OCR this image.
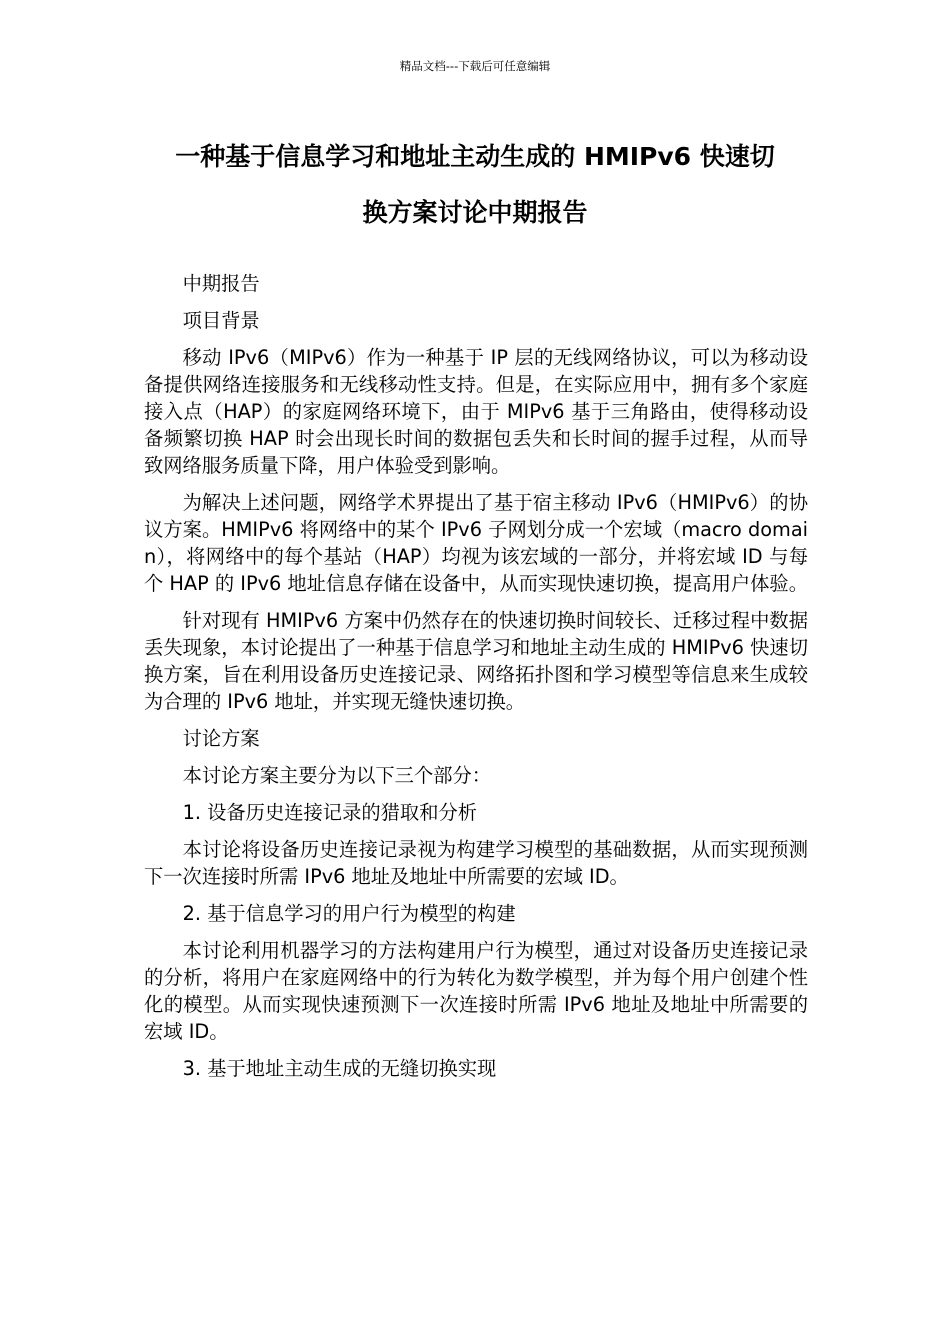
精品文档---下载后可任意编辑
一种基于信息学习和地址主动生成的 HMIPv6 快速切
换方案讨论中期报告

中期报告

项目背景

移动 IPv6（MIPv6）作为一种基于 IP 层的无线网络协议，可以为移动设备提供网络连接服务和无线移动性支持。但是，在实际应用中，拥有多个家庭接入点（HAP）的家庭网络环境下，由于 MIPv6 基于三角路由，使得移动设备频繁切换 HAP 时会出现长时间的数据包丢失和长时间的握手过程，从而导致网络服务质量下降，用户体验受到影响。

为解决上述问题，网络学术界提出了基于宿主移动 IPv6（HMIPv6）的协议方案。HMIPv6 将网络中的某个 IPv6 子网划分成一个宏域（macro domain），将网络中的每个基站（HAP）均视为该宏域的一部分，并将宏域 ID 与每个 HAP 的 IPv6 地址信息存储在设备中，从而实现快速切换，提高用户体验。

针对现有 HMIPv6 方案中仍然存在的快速切换时间较长、迁移过程中数据丢失现象，本讨论提出了一种基于信息学习和地址主动生成的 HMIPv6 快速切换方案，旨在利用设备历史连接记录、网络拓扑图和学习模型等信息来生成较为合理的 IPv6 地址，并实现无缝快速切换。

讨论方案

本讨论方案主要分为以下三个部分：

1. 设备历史连接记录的猎取和分析

本讨论将设备历史连接记录视为构建学习模型的基础数据，从而实现预测下一次连接时所需 IPv6 地址及地址中所需要的宏域 ID。

2. 基于信息学习的用户行为模型的构建

本讨论利用机器学习的方法构建用户行为模型，通过对设备历史连接记录的分析，将用户在家庭网络中的行为转化为数学模型，并为每个用户创建个性化的模型。从而实现快速预测下一次连接时所需 IPv6 地址及地址中所需要的宏域 ID。

3. 基于地址主动生成的无缝切换实现
